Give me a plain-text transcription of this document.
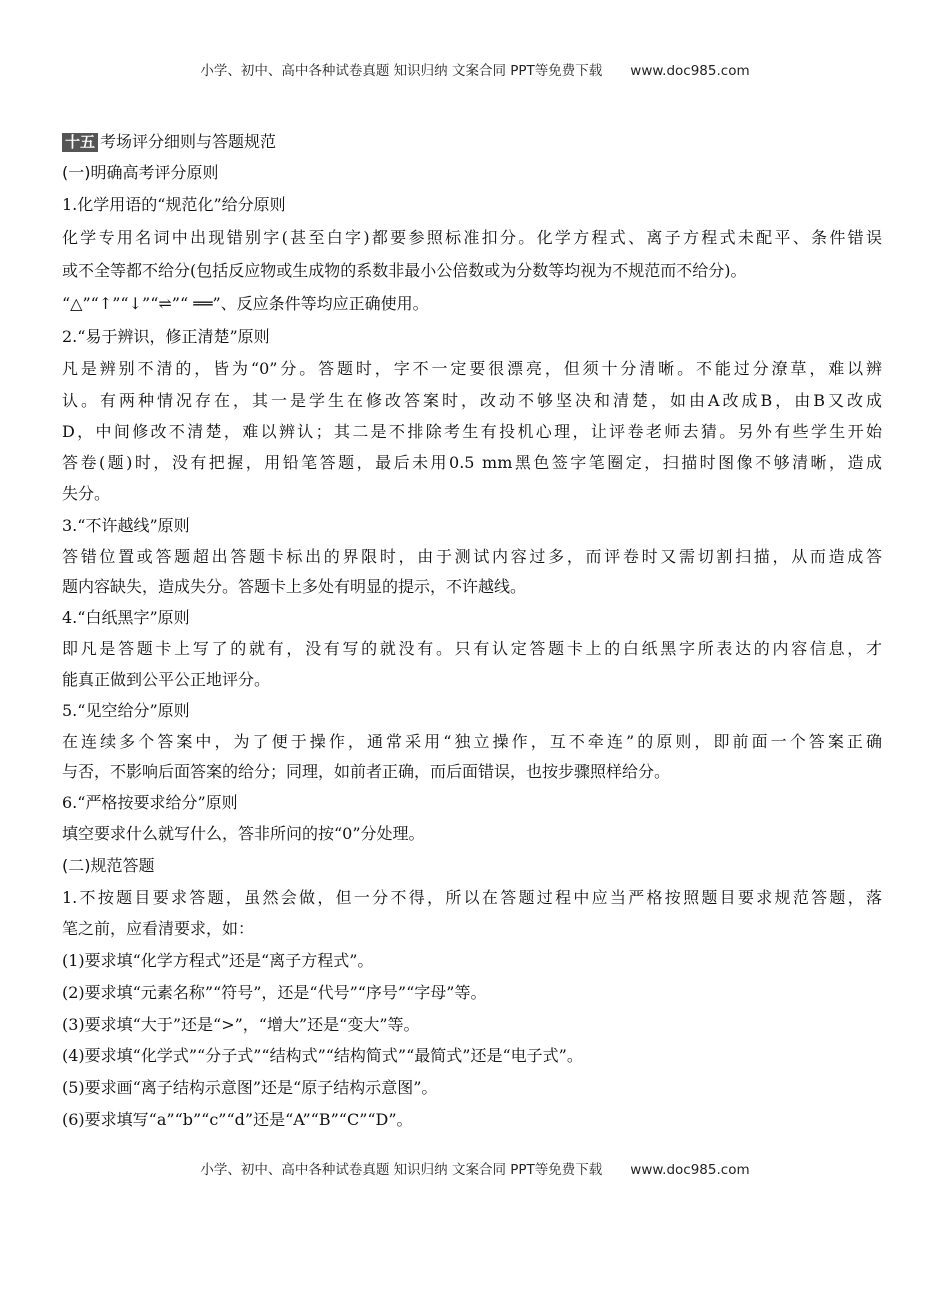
小学、初中、高中各种试卷真题 知识归纳 文案合同 PPT等免费下载 www.doc985.com
十五 考场评分细则与答题规范
(一)明确高考评分原则
1.化学用语的“规范化”给分原则
化学专用名词中出现错别字(甚至白字)都要参照标准扣分。化学方程式、离子方程式未配平、条件错误
或不全等都不给分(包括反应物或生成物的系数非最小公倍数或为分数等均视为不规范而不给分)。
“△”“↑”“↓”“⇌”“ ══”、反应条件等均应正确使用。
2.“易于辨识，修正清楚”原则
凡是辨别不清的，皆为“0”分。答题时，字不一定要很漂亮，但须十分清晰。不能过分潦草，难以辨
认。有两种情况存在，其一是学生在修改答案时，改动不够坚决和清楚，如由A改成B，由B又改成
D，中间修改不清楚，难以辨认；其二是不排除考生有投机心理，让评卷老师去猜。另外有些学生开始
答卷(题)时，没有把握，用铅笔答题，最后未用0.5 mm黑色签字笔圈定，扫描时图像不够清晰，造成
失分。
3.“不许越线”原则
答错位置或答题超出答题卡标出的界限时，由于测试内容过多，而评卷时又需切割扫描，从而造成答
题内容缺失，造成失分。答题卡上多处有明显的提示，不许越线。
4.“白纸黑字”原则
即凡是答题卡上写了的就有，没有写的就没有。只有认定答题卡上的白纸黑字所表达的内容信息，才
能真正做到公平公正地评分。
5.“见空给分”原则
在连续多个答案中，为了便于操作，通常采用“独立操作，互不牵连”的原则，即前面一个答案正确
与否，不影响后面答案的给分；同理，如前者正确，而后面错误，也按步骤照样给分。
6.“严格按要求给分”原则
填空要求什么就写什么，答非所问的按“0”分处理。
(二)规范答题
1.不按题目要求答题，虽然会做，但一分不得，所以在答题过程中应当严格按照题目要求规范答题，落
笔之前，应看清要求，如：
(1)要求填“化学方程式”还是“离子方程式”。
(2)要求填“元素名称”“符号”，还是“代号”“序号”“字母”等。
(3)要求填“大于”还是“>”，“增大”还是“变大”等。
(4)要求填“化学式”“分子式”“结构式”“结构简式”“最简式”还是“电子式”。
(5)要求画“离子结构示意图”还是“原子结构示意图”。
(6)要求填写“a”“b”“c”“d”还是“A”“B”“C”“D”。
小学、初中、高中各种试卷真题 知识归纳 文案合同 PPT等免费下载 www.doc985.com
